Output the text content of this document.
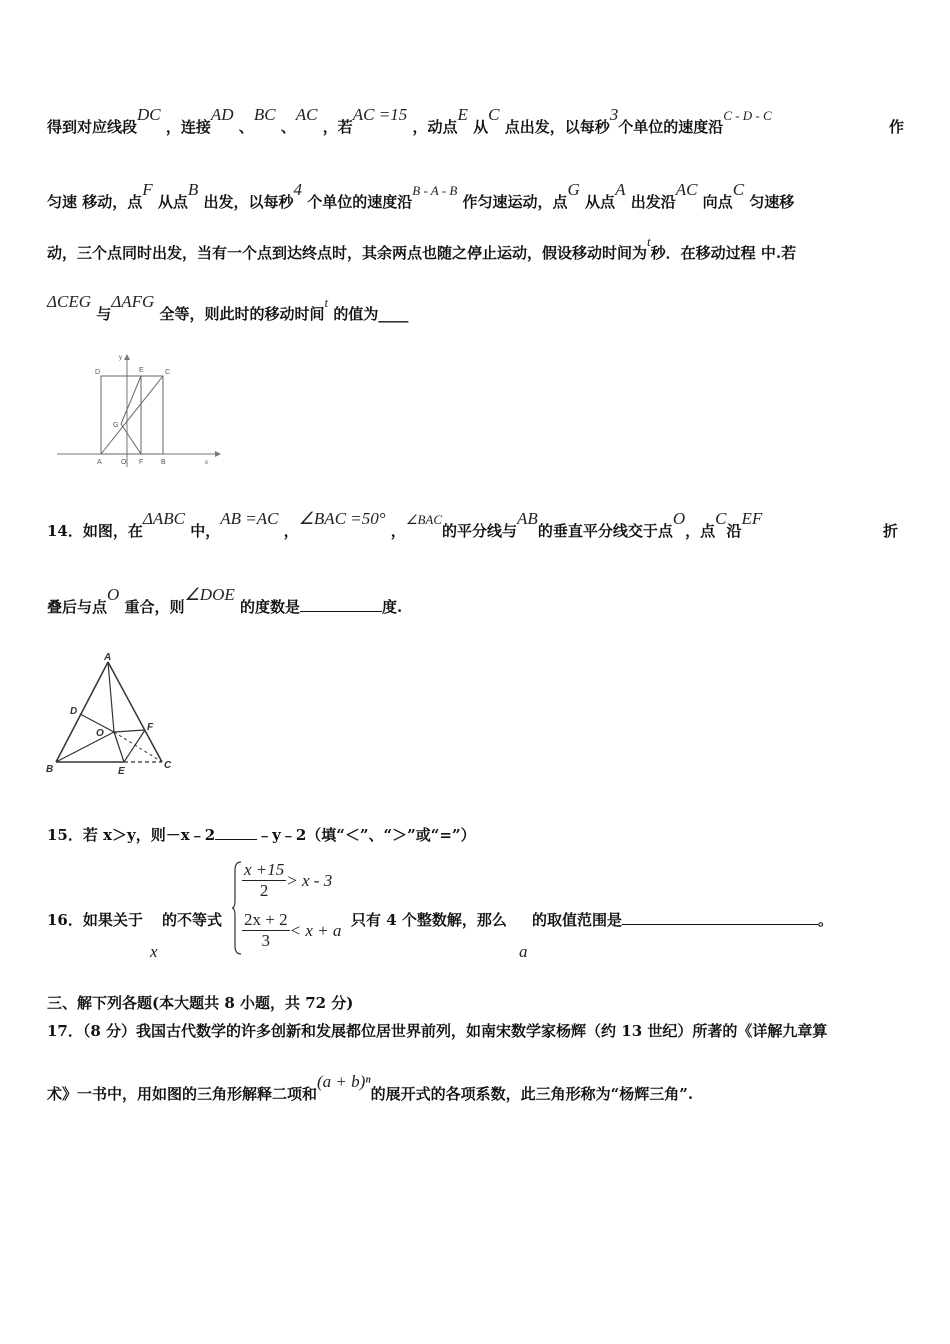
得到对应线段DC ，连接AD 、BC 、AC ，若AC =15 ，动点E 从C 点出发，以每秒3个单位的速度沿C - D - C
作
匀速 移动，点F 从点B 出发，以每秒4 个单位的速度沿B - A - B 作匀速运动，点G 从点A 出发沿AC 向点C 匀速移
动，三个点同时出发，当有一个点到达终点时，其余两点也随之停止运动，假设移动时间为t秒．在移动过程 中.若
ΔCEG 与ΔAFG 全等，则此时的移动时间t 的值为____
D	E	C
G
A	O F	B
y
x
14．如图，在ΔABC 中，AB =AC ，∠BAC =50° ，∠BAC的平分线与AB的垂直平分线交于点O，点C沿EF
折
叠后与点O 重合，则∠DOE 的度数是	度.
A
D
F
O
B	E
C
15．若 x＞y，则－x﹣2	﹣y﹣2（填“＜”、“＞”或“=”）
16．如果关于 的不等式
x
$\frac{x +15}{2} > x - 3$
$\frac{2x + 2}{3} < x + a$
只有 4 个整数解，那么
a
的取值范围是	。
三、解下列各题(本大题共 8 小题，共 72 分)
17．（8 分）我国古代数学的许多创新和发展都位居世界前列，如南宋数学家杨辉（约 13 世纪）所著的《详解九章算
术》一书中，用如图的三角形解释二项和(a + b)ⁿ的展开式的各项系数，此三角形称为“杨辉三角”.
